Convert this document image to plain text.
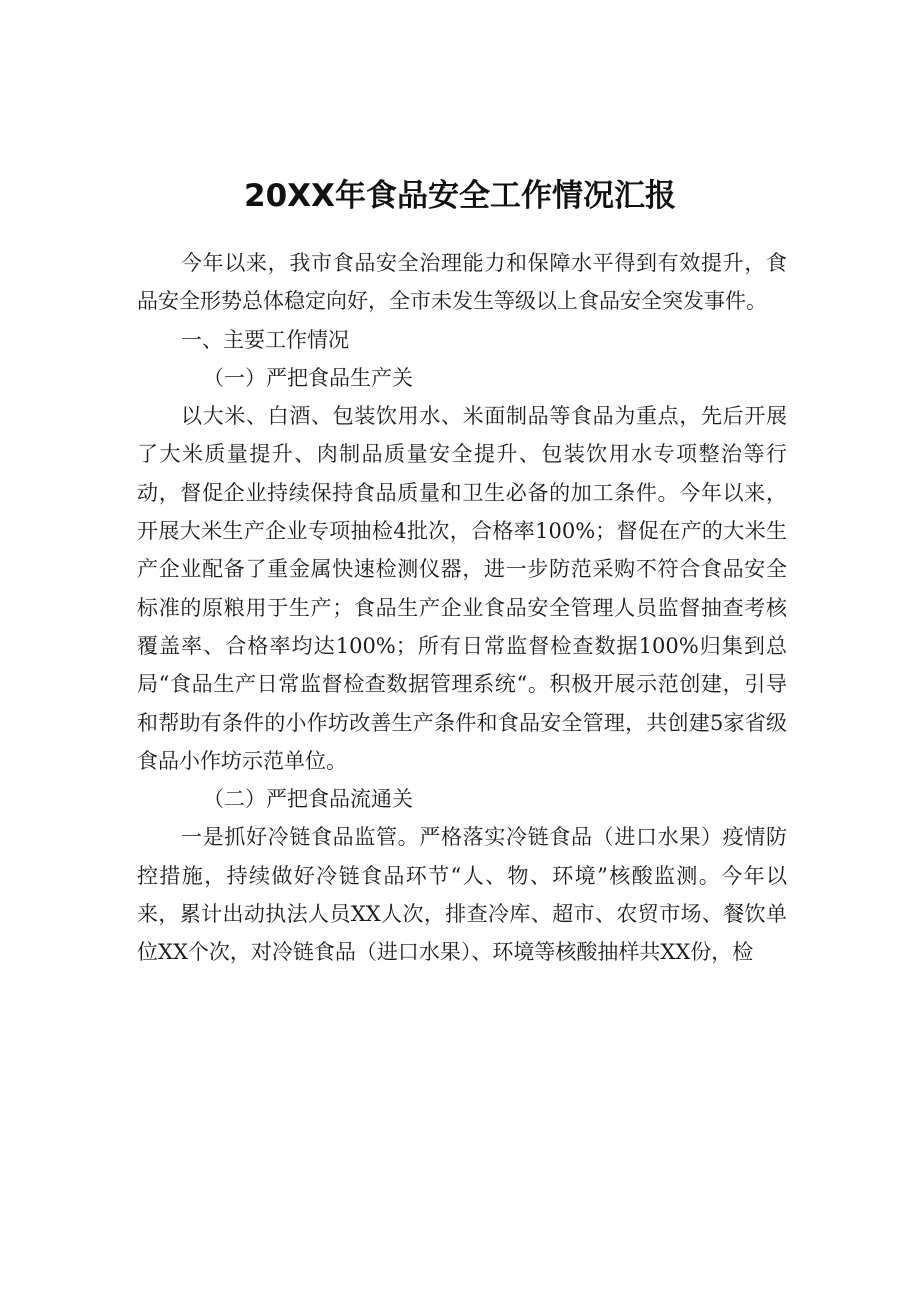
20XX年食品安全工作情况汇报

今年以来，我市食品安全治理能力和保障水平得到有效提升，食品安全形势总体稳定向好，全市未发生等级以上食品安全突发事件。

一、主要工作情况

（一）严把食品生产关

以大米、白酒、包装饮用水、米面制品等食品为重点，先后开展了大米质量提升、肉制品质量安全提升、包装饮用水专项整治等行动，督促企业持续保持食品质量和卫生必备的加工条件。今年以来，开展大米生产企业专项抽检4批次，合格率100%；督促在产的大米生产企业配备了重金属快速检测仪器，进一步防范采购不符合食品安全标准的原粮用于生产；食品生产企业食品安全管理人员监督抽查考核覆盖率、合格率均达100%；所有日常监督检查数据100%归集到总局“食品生产日常监督检查数据管理系统“。积极开展示范创建，引导和帮助有条件的小作坊改善生产条件和食品安全管理，共创建5家省级食品小作坊示范单位。

（二）严把食品流通关

一是抓好冷链食品监管。严格落实冷链食品（进口水果）疫情防控措施，持续做好冷链食品环节“人、物、环境”核酸监测。今年以来，累计出动执法人员XX人次，排查冷库、超市、农贸市场、餐饮单位XX个次，对冷链食品（进口水果）、环境等核酸抽样共XX份，检
